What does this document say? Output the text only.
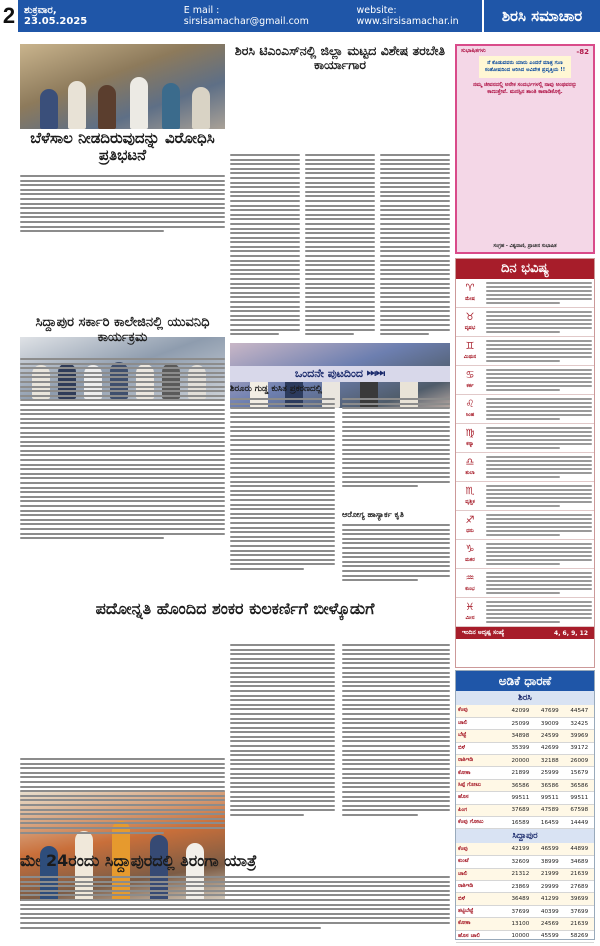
2 ಶುಕ್ರವಾರ, 23.05.2025
E mail : sirsisamachar@gmail.com
website: www.sirsisamachar.in	ಶಿರಸಿ ಸಮಾಚಾರ
ಬೆಳೆಸಾಲ ನೀಡದಿರುವುದನ್ನು ವಿರೋಧಿಸಿ ಪ್ರತಿಭಟನೆ
ಸಿದ್ದಾಪುರ ಸರ್ಕಾರಿ ಕಾಲೇಜಿನಲ್ಲಿ ಯುವನಿಧಿ ಕಾರ್ಯಕ್ರಮ
ಪದೋನ್ನತಿ ಹೊಂದಿದ ಶಂಕರ ಕುಲಕರ್ಣಿಗೆ ಬೀಳ್ಕೊಡುಗೆ
ಮೇ 24ರಂದು ಸಿದ್ದಾಪುರದಲ್ಲಿ ತಿರಂಗಾ ಯಾತ್ರೆ
ಶಿರಸಿ ಟಿಎಂಎಸ್‌ನಲ್ಲಿ ಜಿಲ್ಲಾ ಮಟ್ಟದ ವಿಶೇಷ ತರಬೇತಿ ಕಾರ್ಯಾಗಾರ
ಒಂದನೇ ಪುಟದಿಂದ ⏭⏭
ಶಿರೂರು ಗುಡ್ಡ ಕುಸಿತ ಪ್ರಕರಣದಲ್ಲಿ
ಆರೋಗ್ಯ ಹಾಸ್ಯಾರ್ಕ ಕೃತಿ
ಸುಭಾಷಿತಗಳು	-82
ನೆ ಕೊಡುವವರು ಯಾರು ಎಂದರೆ ಮಾತ್ರ ಗುಣ ಸಂತೋಷದಿಂದ ಆರಿಸಿದ ಅವಿವೇಕ ಪ್ರವೃತ್ತಿಯ !!
ನಮ್ಮ ಜೀವನದಲ್ಲಿ ಅನೇಕ ಸಂದರ್ಭಗಳಲ್ಲಿ ನಾವು ಅಂಥವರನ್ನು ಕಾಣುತ್ತೇವೆ. ಮನಸ್ಸಿನ ಶಾಂತಿ ಕಾಪಾಡಿಕೊಳ್ಳಿ.
ಸಂಗ್ರಹ - ವಿಶ್ವವಾಣಿ, ಪ್ರಾಚೀನ ಸುಭಾಷಿತ
ದಿನ ಭವಿಷ್ಯ
♈
ಮೇಷ
♉
ವೃಷಭ
♊
ಮಿಥುನ
♋
ಕರ್ಕ
♌
ಸಿಂಹ
♍
ಕನ್ಯಾ
♎
ತುಲಾ
♏
ವೃಶ್ಚಿಕ
♐
ಧನು
♑
ಮಕರ
♒
ಕುಂಭ
♓
ಮೀನ
ಇಂದಿನ ಅದೃಷ್ಟ ಸಂಖ್ಯೆ	4, 6, 9, 12
ಅಡಿಕೆ ಧಾರಣೆ
ಶಿರಸಿ
ಕೆಂಪು	42099	47699	44547
ಚಾಲಿ	25099	39009	32425
ಬೆಟ್ಟೆ	34898	24599	39969
ಬಿಳೆ	35399	42699	39172
ರಾಶಿಇಡಿ	20000	32188	26009
ಕೋಕಾ	21899	25999	15679
ಸಿಪ್ಪೆ ಗೋಟು	36586	36586	36586
ಹೊಸ	99511	99511	99511
ಪಿಂಗ	37689	47589	67598
ಕೆಂಪು ಗೋಟು	16589	16459	14449
ಸಿದ್ದಾಪುರ
ಕೆಂಪು	42199	46599	44899
ಕುಂಟೆ	32609	38999	34689
ಚಾಲಿ	21312	21999	21639
ರಾಶಿಇಡಿ	23869	29999	27689
ಬಿಳೆ	36489	41299	39699
ತಟ್ಟಿಬೆಟ್ಟೆ	37699	40399	37699
ಕೋಕಾ	13100	24569	21639
ಹೊಸ ಚಾಲಿ	10000	45599	58269
